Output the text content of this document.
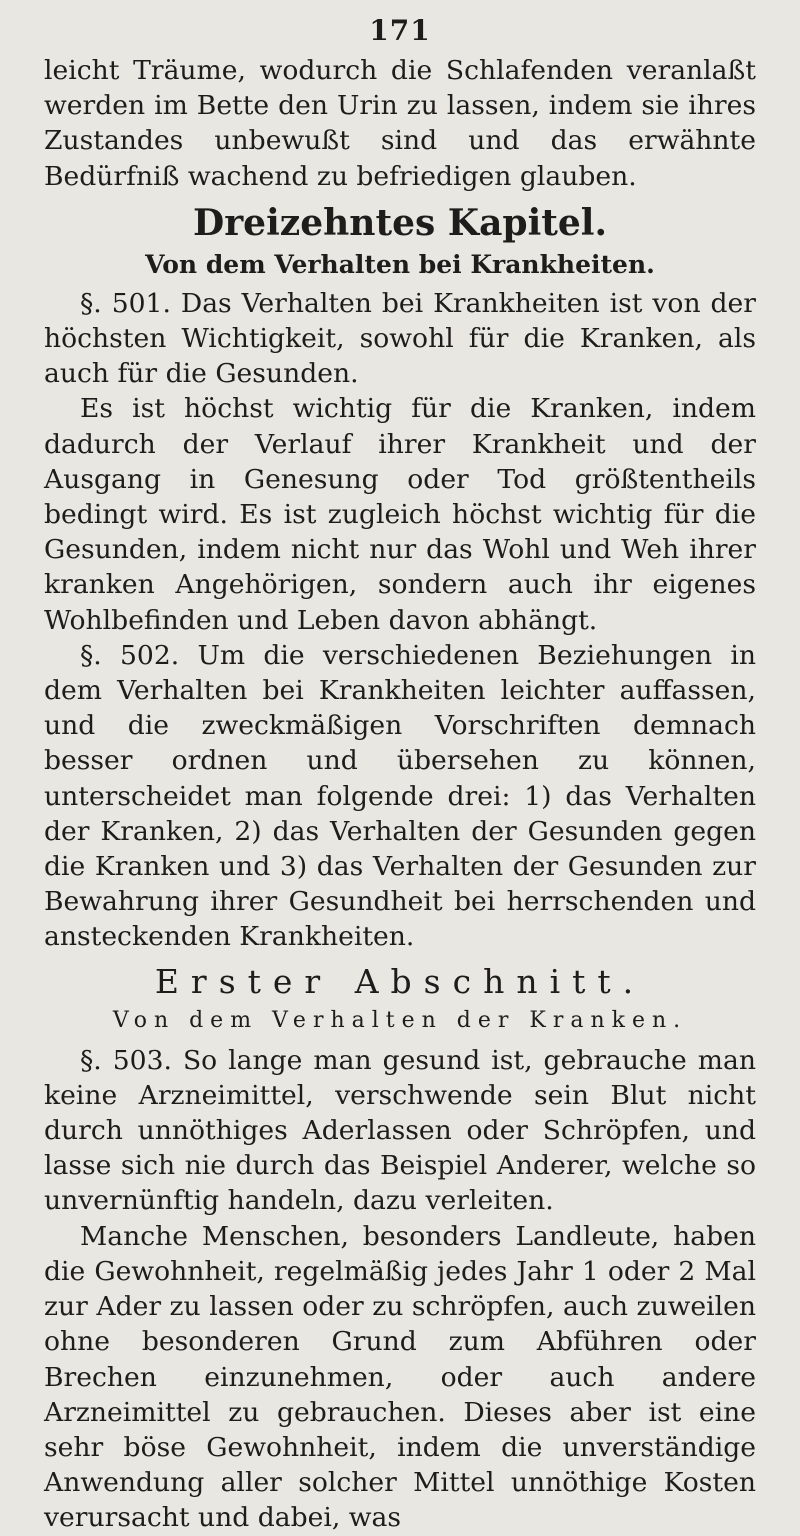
171

leicht Träume, wodurch die Schlafenden veranlaßt werden im Bette den Urin zu lassen, indem sie ihres Zustandes unbewußt sind und das erwähnte Bedürfniß wachend zu befriedigen glauben.

Dreizehntes Kapitel.
Von dem Verhalten bei Krankheiten.

§. 501. Das Verhalten bei Krankheiten ist von der höchsten Wichtigkeit, sowohl für die Kranken, als auch für die Gesunden.

Es ist höchst wichtig für die Kranken, indem dadurch der Verlauf ihrer Krankheit und der Ausgang in Genesung oder Tod größtentheils bedingt wird. Es ist zugleich höchst wichtig für die Gesunden, indem nicht nur das Wohl und Weh ihrer kranken Angehörigen, sondern auch ihr eigenes Wohlbefinden und Leben davon abhängt.

§. 502. Um die verschiedenen Beziehungen in dem Verhalten bei Krankheiten leichter auffassen, und die zweckmäßigen Vorschriften demnach besser ordnen und übersehen zu können, unterscheidet man folgende drei: 1) das Verhalten der Kranken, 2) das Verhalten der Gesunden gegen die Kranken und 3) das Verhalten der Gesunden zur Bewahrung ihrer Gesundheit bei herrschenden und ansteckenden Krankheiten.

Erster Abschnitt.
Von dem Verhalten der Kranken.

§. 503. So lange man gesund ist, gebrauche man keine Arzneimittel, verschwende sein Blut nicht durch unnöthiges Aderlassen oder Schröpfen, und lasse sich nie durch das Beispiel Anderer, welche so unvernünftig handeln, dazu verleiten.

Manche Menschen, besonders Landleute, haben die Gewohnheit, regelmäßig jedes Jahr 1 oder 2 Mal zur Ader zu lassen oder zu schröpfen, auch zuweilen ohne besonderen Grund zum Abführen oder Brechen einzunehmen, oder auch andere Arzneimittel zu gebrauchen. Dieses aber ist eine sehr böse Gewohnheit, indem die unverständige Anwendung aller solcher Mittel unnöthige Kosten verursacht und dabei, was
